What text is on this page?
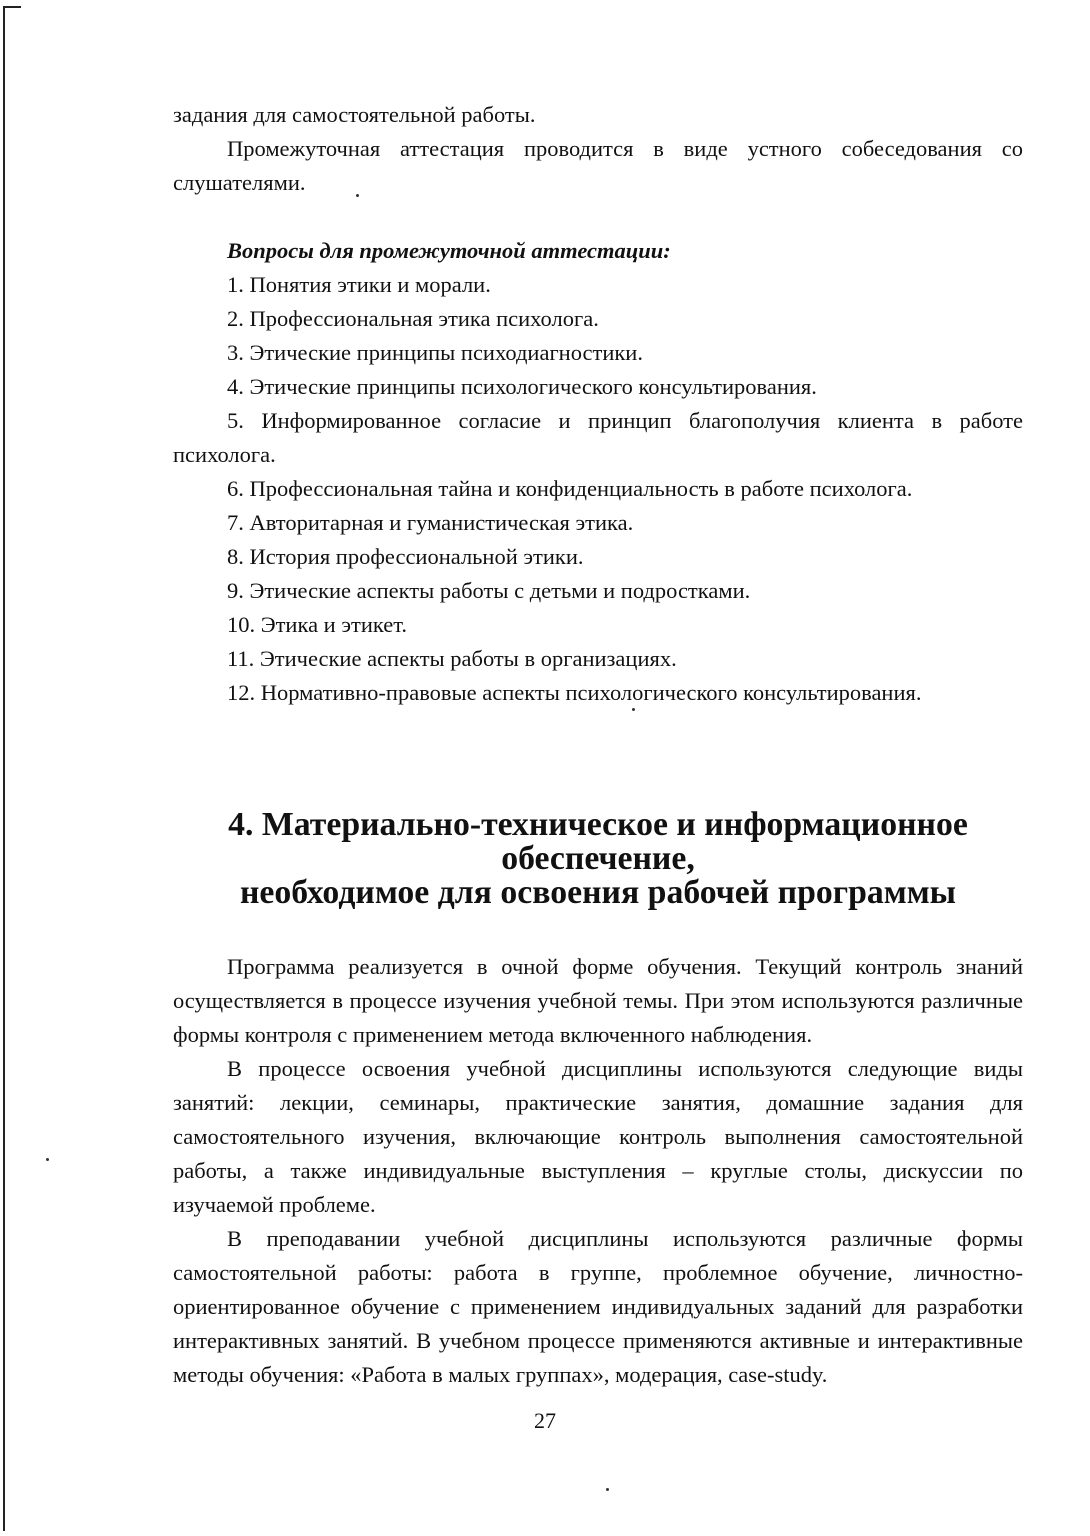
задания для самостоятельной работы.

Промежуточная аттестация проводится в виде устного собеседования со слушателями.

Вопросы для промежуточной аттестации:

1. Понятия этики и морали.
2. Профессиональная этика психолога.
3. Этические принципы психодиагностики.
4. Этические принципы психологического консультирования.
5. Информированное согласие и принцип благополучия клиента в работе психолога.
6. Профессиональная тайна и конфиденциальность в работе психолога.
7. Авторитарная и гуманистическая этика.
8. История профессиональной этики.
9. Этические аспекты работы с детьми и подростками.
10. Этика и этикет.
11. Этические аспекты работы в организациях.
12. Нормативно-правовые аспекты психологического консультирования.
4. Материально-техническое и информационное обеспечение,
необходимое для освоения рабочей программы

Программа реализуется в очной форме обучения. Текущий контроль знаний осуществляется в процессе изучения учебной темы. При этом используются различные формы контроля с применением метода включенного наблюдения.

В процессе освоения учебной дисциплины используются следующие виды занятий: лекции, семинары, практические занятия, домашние задания для самостоятельного изучения, включающие контроль выполнения самостоятельной работы, а также индивидуальные выступления – круглые столы, дискуссии по изучаемой проблеме.

В преподавании учебной дисциплины используются различные формы самостоятельной работы: работа в группе, проблемное обучение, личностно-ориентированное обучение с применением индивидуальных заданий для разработки интерактивных занятий. В учебном процессе применяются активные и интерактивные методы обучения: «Работа в малых группах», модерация, case-study.

27
